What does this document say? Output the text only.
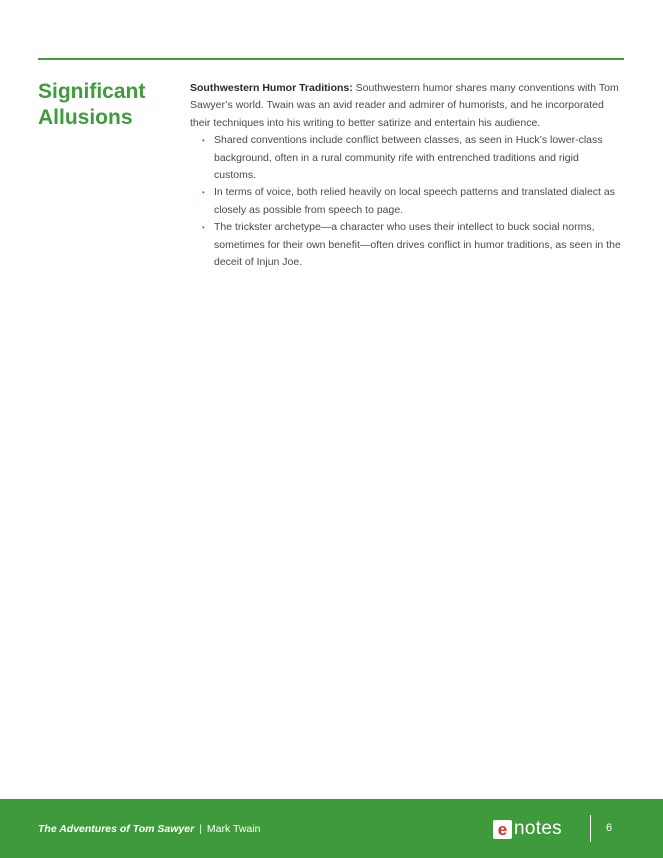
Significant Allusions

Southwestern Humor Traditions: Southwestern humor shares many conventions with Tom Sawyer’s world. Twain was an avid reader and admirer of humorists, and he incorporated their techniques into his writing to better satirize and entertain his audience.

• Shared conventions include conflict between classes, as seen in Huck’s lower-class background, often in a rural community rife with entrenched traditions and rigid customs.
• In terms of voice, both relied heavily on local speech patterns and translated dialect as closely as possible from speech to page.
• The trickster archetype—a character who uses their intellect to buck social norms, sometimes for their own benefit—often drives conflict in humor traditions, as seen in the deceit of Injun Joe.
The Adventures of Tom Sawyer | Mark Twain	e notes	6
